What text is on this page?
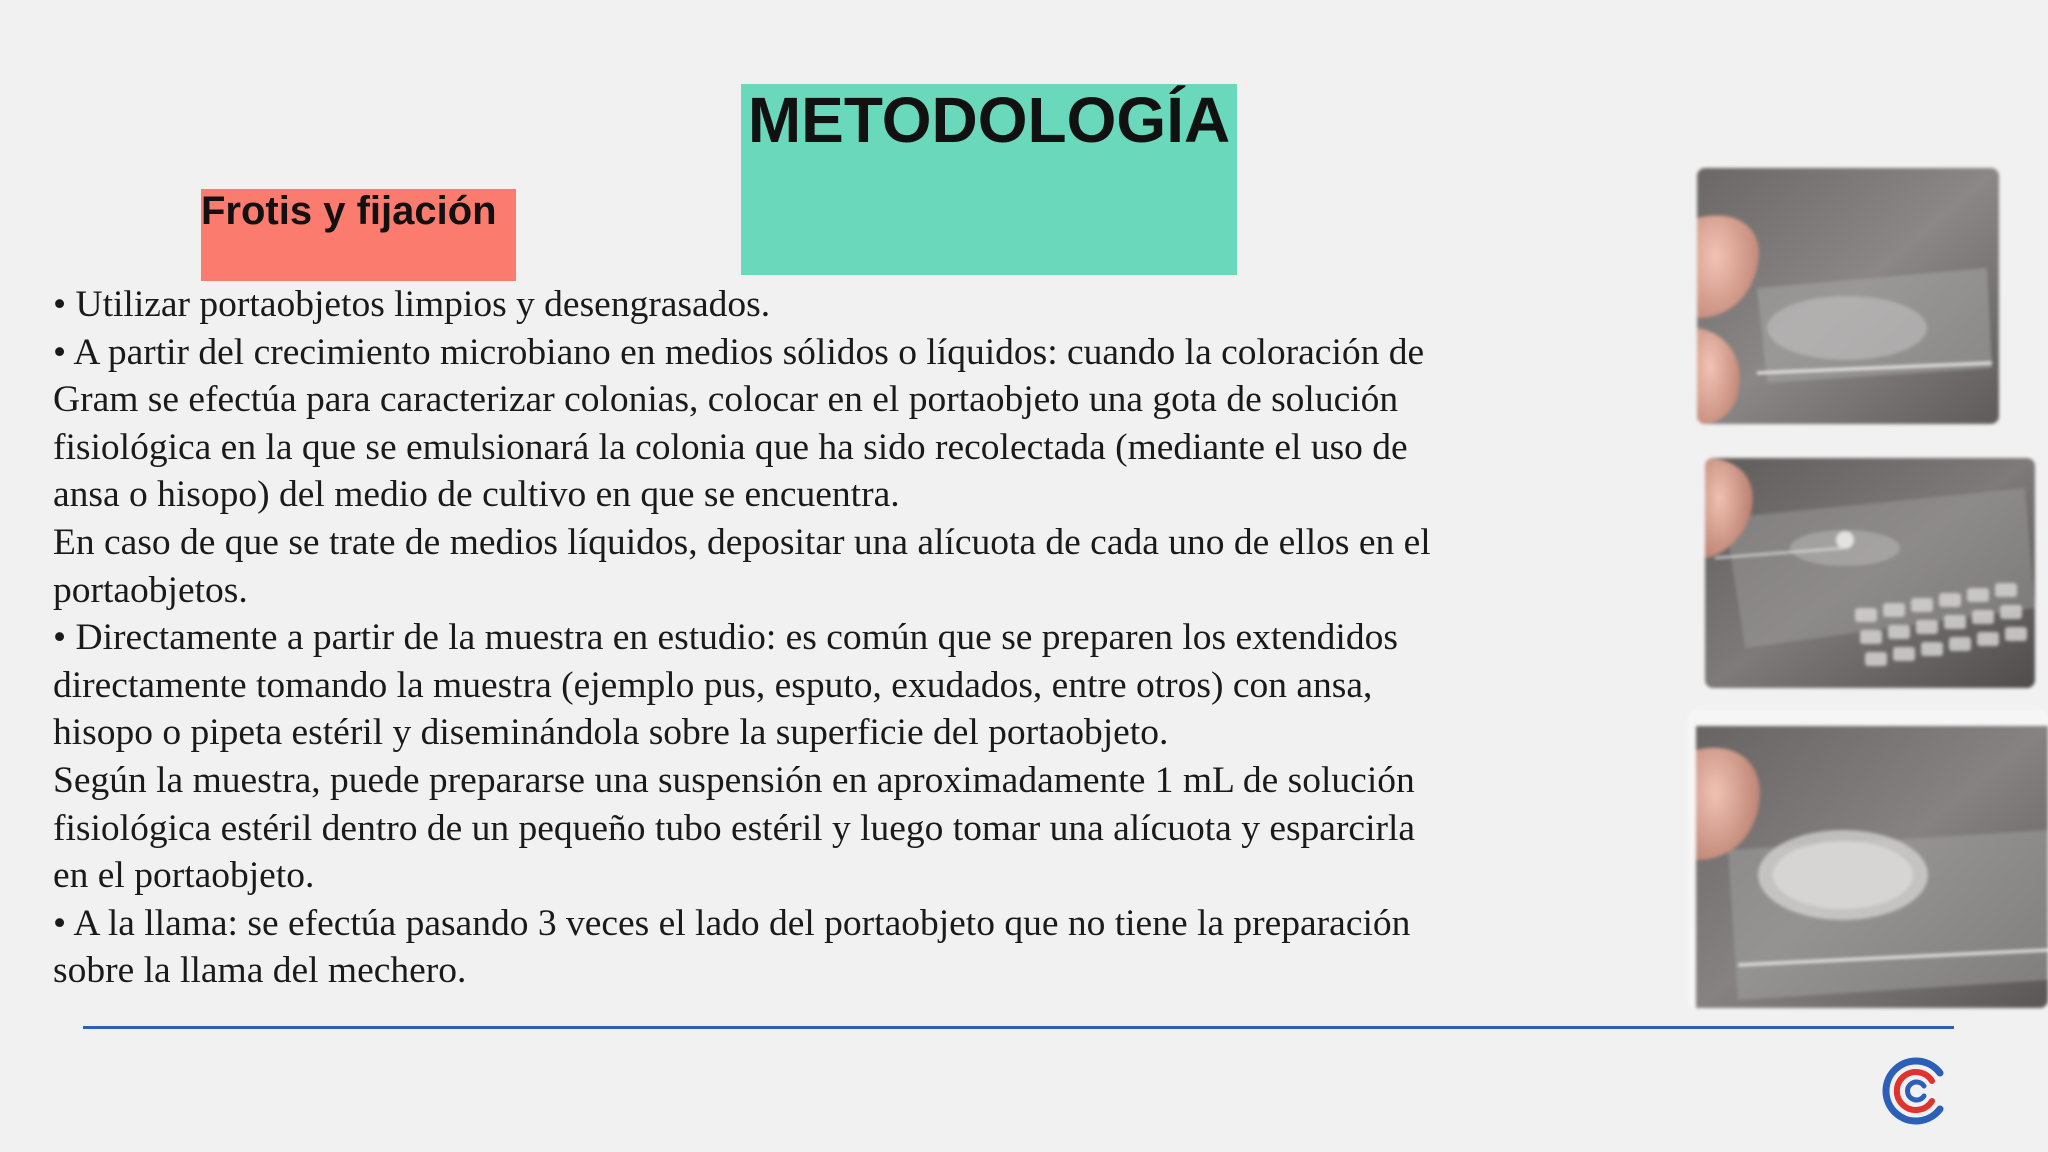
METODOLOGÍA
Frotis y fijación

• Utilizar portaobjetos limpios y desengrasados.

• A partir del crecimiento microbiano en medios sólidos o líquidos: cuando la coloración de

Gram se efectúa para caracterizar colonias, colocar en el portaobjeto una gota de solución

fisiológica en la que se emulsionará la colonia que ha sido recolectada (mediante el uso de

ansa o hisopo) del medio de cultivo en que se encuentra.

En caso de que se trate de medios líquidos, depositar una alícuota de cada uno de ellos en el

portaobjetos.

• Directamente a partir de la muestra en estudio: es común que se preparen los extendidos

directamente tomando la muestra (ejemplo pus, esputo, exudados, entre otros) con ansa,

hisopo o pipeta estéril y diseminándola sobre la superficie del portaobjeto.

Según la muestra, puede prepararse una suspensión en aproximadamente 1 mL de solución

fisiológica estéril dentro de un pequeño tubo estéril y luego tomar una alícuota y esparcirla

en el portaobjeto.

• A la llama: se efectúa pasando 3 veces el lado del portaobjeto que no tiene la preparación

sobre la llama del mechero.
